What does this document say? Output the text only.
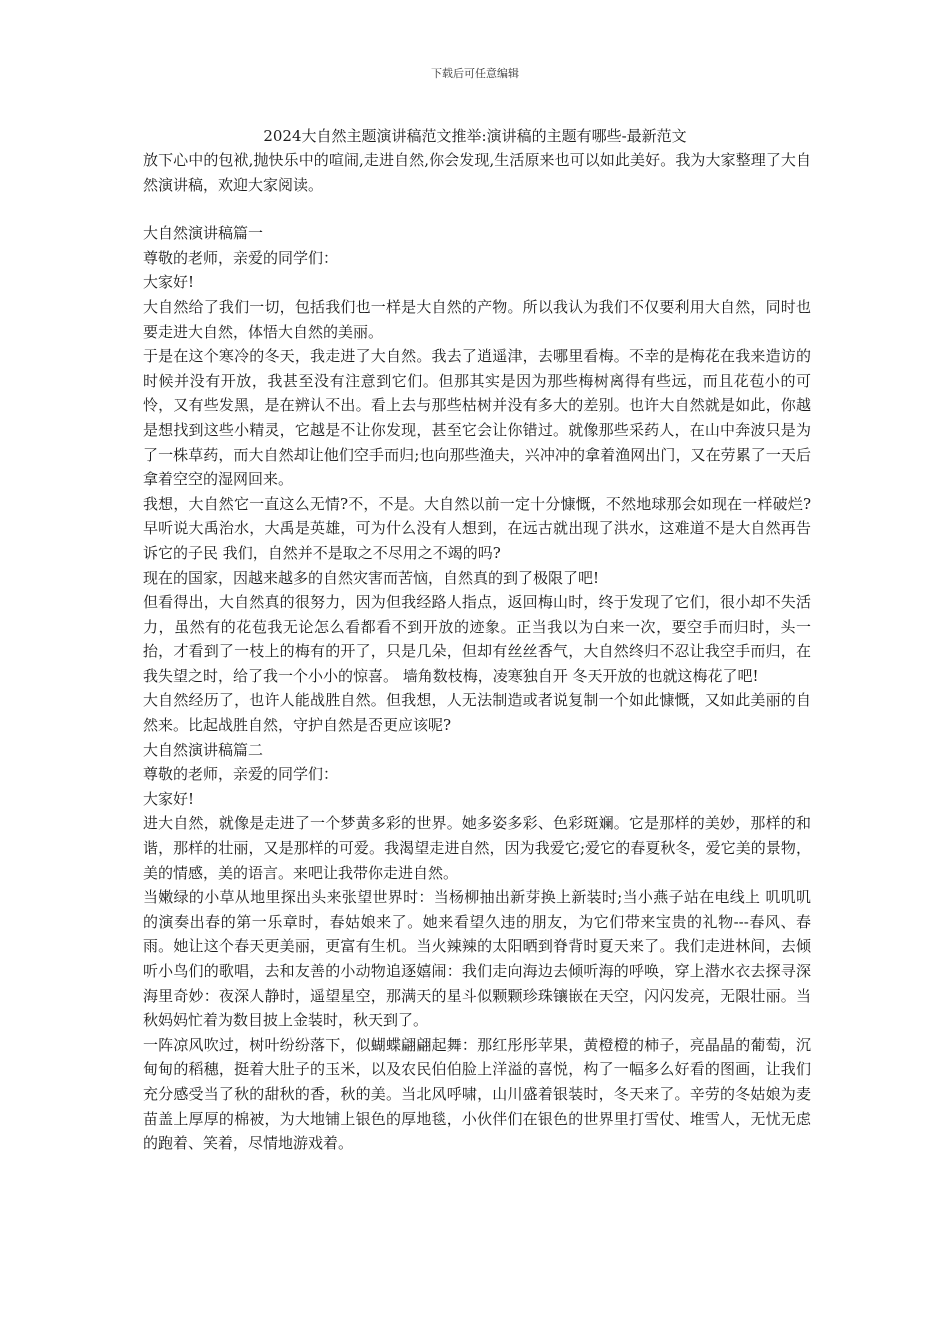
下载后可任意编辑
2024大自然主题演讲稿范文推举:演讲稿的主题有哪些-最新范文

放下心中的包袱,抛快乐中的喧闹,走进自然,你会发现,生活原来也可以如此美好。我为大家整理了大自然演讲稿，欢迎大家阅读。

大自然演讲稿篇一

尊敬的老师，亲爱的同学们：

大家好!

大自然给了我们一切，包括我们也一样是大自然的产物。所以我认为我们不仅要利用大自然，同时也要走进大自然，体悟大自然的美丽。

于是在这个寒冷的冬天，我走进了大自然。我去了逍遥津，去哪里看梅。不幸的是梅花在我来造访的时候并没有开放，我甚至没有注意到它们。但那其实是因为那些梅树离得有些远，而且花苞小的可怜，又有些发黑，是在辨认不出。看上去与那些枯树并没有多大的差别。也许大自然就是如此，你越是想找到这些小精灵，它越是不让你发现，甚至它会让你错过。就像那些采药人，在山中奔波只是为了一株草药，而大自然却让他们空手而归;也向那些渔夫，兴冲冲的拿着渔网出门，又在劳累了一天后拿着空空的湿网回来。

我想，大自然它一直这么无情?不，不是。大自然以前一定十分慷慨，不然地球那会如现在一样破烂?早听说大禹治水，大禹是英雄，可为什么没有人想到，在远古就出现了洪水，这难道不是大自然再告诉它的子民 我们，自然并不是取之不尽用之不竭的吗?

现在的国家，因越来越多的自然灾害而苦恼，自然真的到了极限了吧!

但看得出，大自然真的很努力，因为但我经路人指点，返回梅山时，终于发现了它们，很小却不失活力，虽然有的花苞我无论怎么看都看不到开放的迹象。正当我以为白来一次，要空手而归时，头一抬，才看到了一枝上的梅有的开了，只是几朵，但却有丝丝香气，大自然终归不忍让我空手而归，在我失望之时，给了我一个小小的惊喜。 墙角数枝梅，凌寒独自开 冬天开放的也就这梅花了吧!

大自然经历了，也许人能战胜自然。但我想，人无法制造或者说复制一个如此慷慨，又如此美丽的自然来。比起战胜自然，守护自然是否更应该呢?

大自然演讲稿篇二

尊敬的老师，亲爱的同学们：

大家好!

进大自然，就像是走进了一个梦黄多彩的世界。她多姿多彩、色彩斑斓。它是那样的美妙，那样的和谐，那样的壮丽，又是那样的可爱。我渴望走进自然，因为我爱它;爱它的春夏秋冬，爱它美的景物，美的情感，美的语言。来吧让我带你走进自然。

当嫩绿的小草从地里探出头来张望世界时：当杨柳抽出新芽换上新装时;当小燕子站在电线上 叽叽叽 的演奏出春的第一乐章时，春姑娘来了。她来看望久违的朋友，为它们带来宝贵的礼物---春风、春雨。她让这个春天更美丽，更富有生机。当火辣辣的太阳晒到脊背时夏天来了。我们走进林间，去倾听小鸟们的歌唱，去和友善的小动物追逐嬉闹：我们走向海边去倾听海的呼唤，穿上潜水衣去探寻深海里奇妙：夜深人静时，遥望星空，那满天的星斗似颗颗珍珠镶嵌在天空，闪闪发亮，无限壮丽。当秋妈妈忙着为数目披上金装时，秋天到了。

一阵凉风吹过，树叶纷纷落下，似蝴蝶翩翩起舞：那红彤彤苹果，黄橙橙的柿子，亮晶晶的葡萄，沉甸甸的稻穗，挺着大肚子的玉米，以及农民伯伯脸上洋溢的喜悦，构了一幅多么好看的图画，让我们充分感受当了秋的甜秋的香，秋的美。当北风呼啸，山川盛着银装时，冬天来了。辛劳的冬姑娘为麦苗盖上厚厚的棉被，为大地铺上银色的厚地毯，小伙伴们在银色的世界里打雪仗、堆雪人，无忧无虑的跑着、笑着，尽情地游戏着。
